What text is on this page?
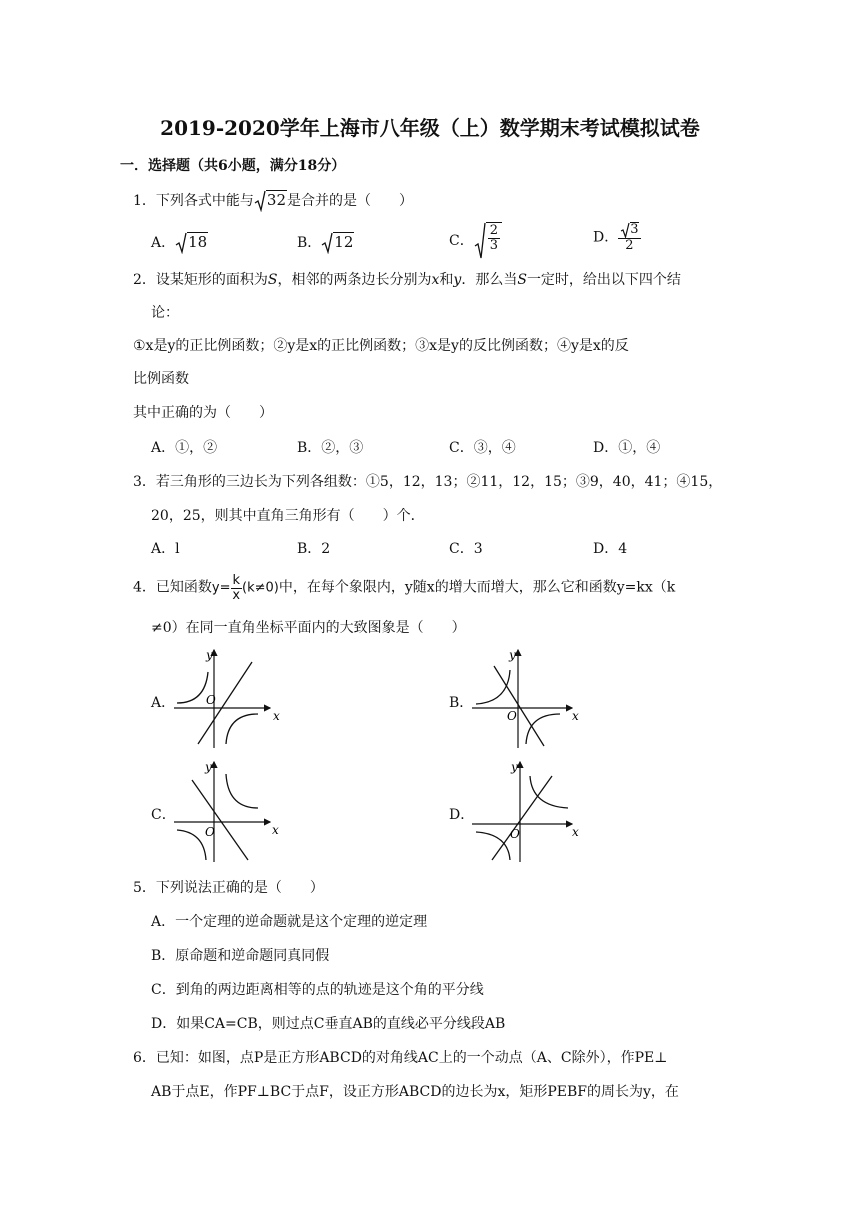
2019-2020学年上海市八年级（上）数学期末考试模拟试卷
一．选择题（共6小题，满分18分）
1．下列各式中能与 32 是合并的是（　　）
A． 18	B． 12	C． $\frac{2}{3}$	D． $\frac{3}{2}$
2．设某矩形的面积为S，相邻的两条边长分别为x和y．那么当S一定时，给出以下四个结
论：
①x是y的正比例函数；②y是x的正比例函数；③x是y的反比例函数；④y是x的反
比例函数
其中正确的为（　　）
A．①，②	B．②，③	C．③，④	D．①，④
3．若三角形的三边长为下列各组数：①5，12，13；②11，12，15；③9，40，41；④15，
20，25，则其中直角三角形有（　　）个．
A．l	B．2	C．3	D．4
4．已知函数$y= \frac{k}{x} (k\ne 0)$中，在每个象限内，y随x的增大而增大，那么它和函数y=kx（k
≠0）在同一直角坐标平面内的大致图象是（　　）
A．	B．
C．	D．
x
y
O
x
y
O
x
y
O	x
y
O
5．下列说法正确的是（　　）
A．一个定理的逆命题就是这个定理的逆定理
B．原命题和逆命题同真同假
C．到角的两边距离相等的点的轨迹是这个角的平分线
D．如果CA=CB，则过点C垂直AB的直线必平分线段AB
6．已知：如图，点P是正方形ABCD的对角线AC上的一个动点（A、C除外），作PE⊥
AB于点E，作PF⊥BC于点F，设正方形ABCD的边长为x，矩形PEBF的周长为y，在
